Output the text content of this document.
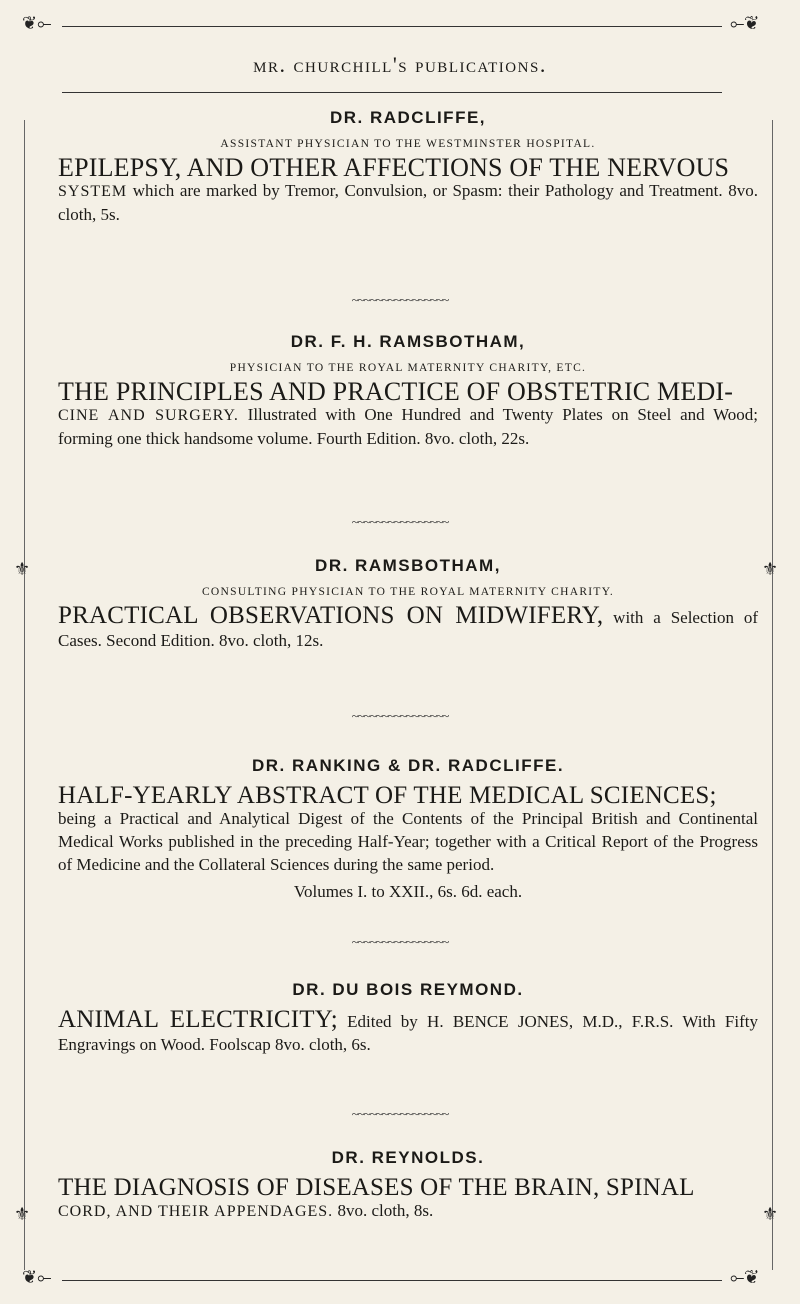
❦⟜	⟜❦
mr. churchill's publications.
⚜	⚜
⚜	⚜
DR. RADCLIFFE,
ASSISTANT PHYSICIAN TO THE WESTMINSTER HOSPITAL.
EPILEPSY, AND OTHER AFFECTIONS OF THE NERVOUS
SYSTEM which are marked by Tremor, Convulsion, or Spasm: their Pathology and Treatment. 8vo. cloth, 5s.
~~~~~~~~~~~~~~~~
DR. F. H. RAMSBOTHAM,
PHYSICIAN TO THE ROYAL MATERNITY CHARITY, ETC.
THE PRINCIPLES AND PRACTICE OF OBSTETRIC MEDI-
CINE AND SURGERY. Illustrated with One Hundred and Twenty Plates on Steel and Wood; forming one thick handsome volume. Fourth Edition. 8vo. cloth, 22s.
~~~~~~~~~~~~~~~~
DR. RAMSBOTHAM,
CONSULTING PHYSICIAN TO THE ROYAL MATERNITY CHARITY.
PRACTICAL OBSERVATIONS ON MIDWIFERY, with a Selection of Cases. Second Edition. 8vo. cloth, 12s.
~~~~~~~~~~~~~~~~
DR. RANKING & DR. RADCLIFFE.
HALF-YEARLY ABSTRACT OF THE MEDICAL SCIENCES;
being a Practical and Analytical Digest of the Contents of the Principal British and Continental Medical Works published in the preceding Half-Year; together with a Critical Report of the Progress of Medicine and the Collateral Sciences during the same period.
Volumes I. to XXII., 6s. 6d. each.
~~~~~~~~~~~~~~~~
DR. DU BOIS REYMOND.
ANIMAL ELECTRICITY; Edited by H. BENCE JONES, M.D., F.R.S. With Fifty Engravings on Wood. Foolscap 8vo. cloth, 6s.
~~~~~~~~~~~~~~~~
DR. REYNOLDS.
THE DIAGNOSIS OF DISEASES OF THE BRAIN, SPINAL
CORD, AND THEIR APPENDAGES. 8vo. cloth, 8s.
❦⟜	⟜❦
